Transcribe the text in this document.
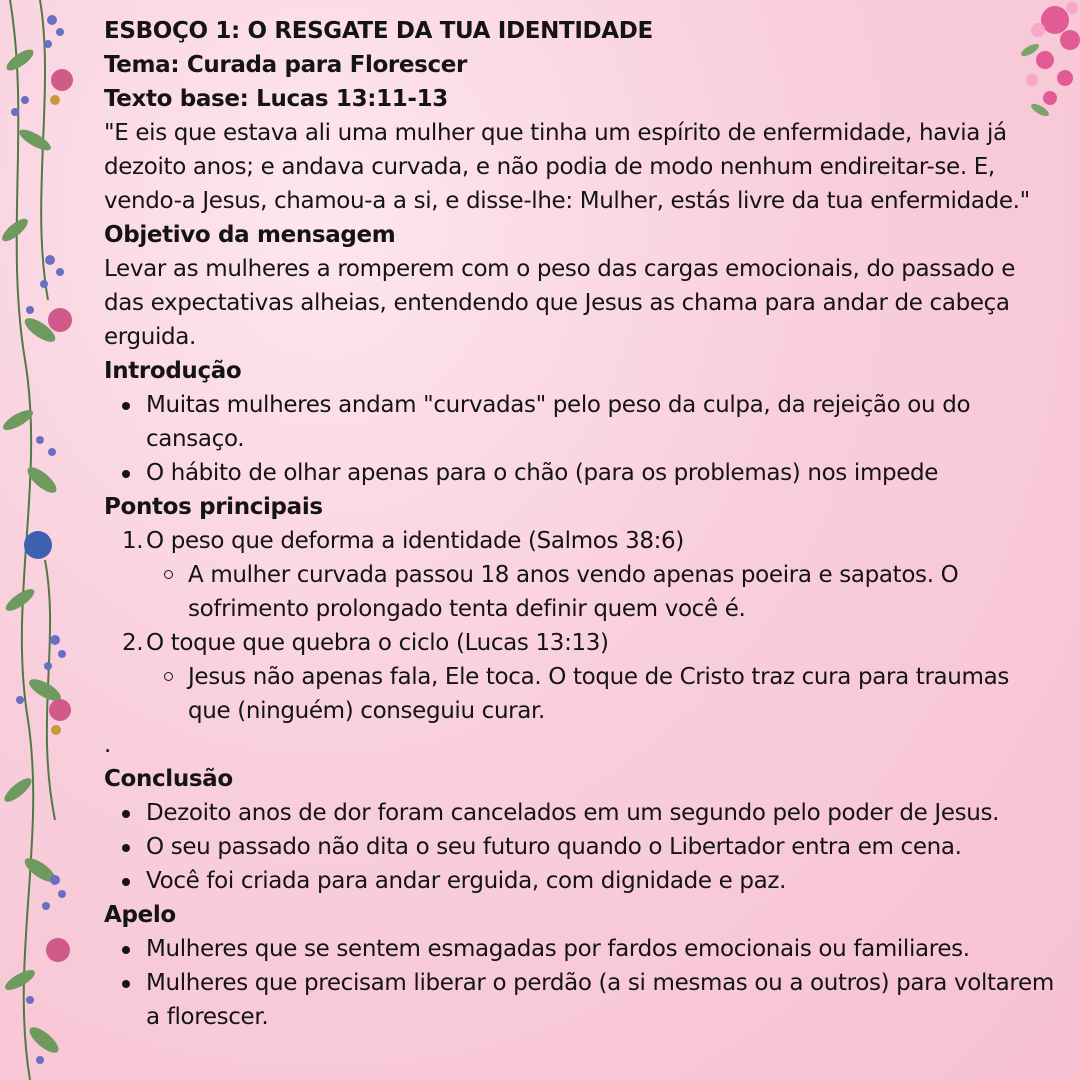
ESBOÇO 1: O RESGATE DA TUA IDENTIDADE

Tema: Curada para Florescer

Texto base: Lucas 13:11-13

"E eis que estava ali uma mulher que tinha um espírito de enfermidade, havia já dezoito anos; e andava curvada, e não podia de modo nenhum endireitar-se. E, vendo-a Jesus, chamou-a a si, e disse-lhe: Mulher, estás livre da tua enfermidade."

Objetivo da mensagem

Levar as mulheres a romperem com o peso das cargas emocionais, do passado e das expectativas alheias, entendendo que Jesus as chama para andar de cabeça erguida.

Introdução

Muitas mulheres andam "curvadas" pelo peso da culpa, da rejeição ou do cansaço.
O hábito de olhar apenas para o chão (para os problemas) nos impede

Pontos principais

1. O peso que deforma a identidade (Salmos 38:6)
A mulher curvada passou 18 anos vendo apenas poeira e sapatos. O sofrimento prolongado tenta definir quem você é.
2. O toque que quebra o ciclo (Lucas 13:13)
Jesus não apenas fala, Ele toca. O toque de Cristo traz cura para traumas que (ninguém) conseguiu curar.

.

Conclusão

Dezoito anos de dor foram cancelados em um segundo pelo poder de Jesus.
O seu passado não dita o seu futuro quando o Libertador entra em cena.
Você foi criada para andar erguida, com dignidade e paz.

Apelo

Mulheres que se sentem esmagadas por fardos emocionais ou familiares.
Mulheres que precisam liberar o perdão (a si mesmas ou a outros) para voltarem a florescer.
